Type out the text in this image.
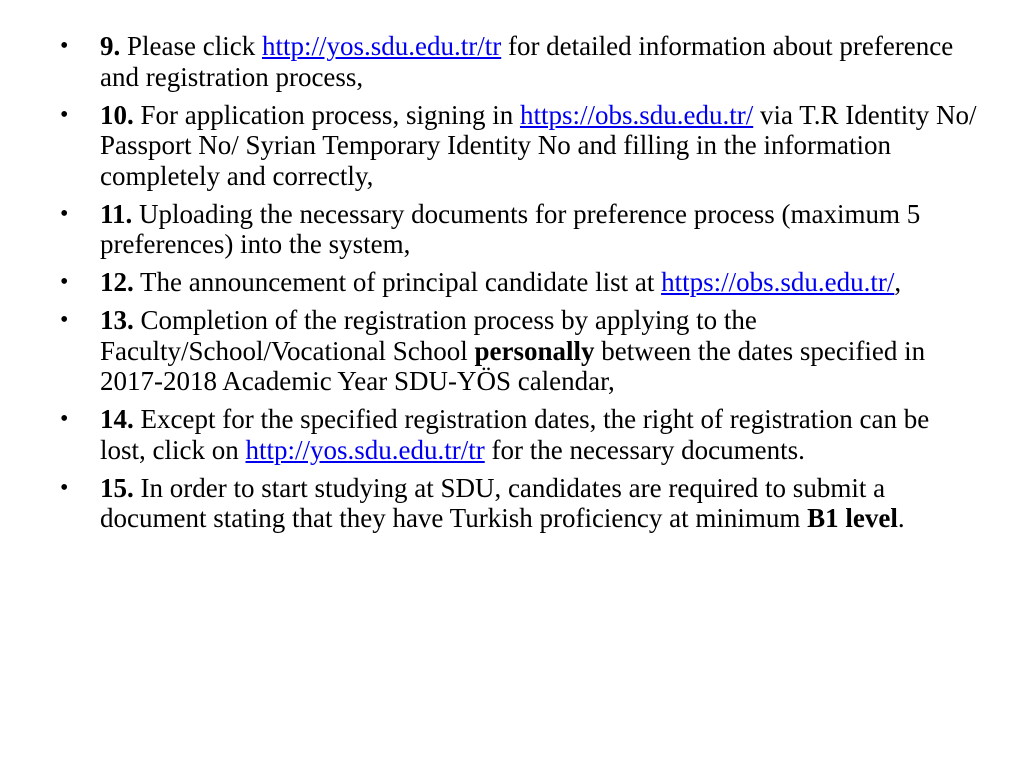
• 9. Please click http://yos.sdu.edu.tr/tr for detailed information about preference and registration process,
• 10. For application process, signing in https://obs.sdu.edu.tr/ via T.R Identity No/ Passport No/ Syrian Temporary Identity No and filling in the information completely and correctly,
• 11. Uploading the necessary documents for preference process (maximum 5 preferences) into the system,
• 12. The announcement of principal candidate list at https://obs.sdu.edu.tr/,
• 13. Completion of the registration process by applying to the Faculty/School/Vocational School personally between the dates specified in 2017-2018 Academic Year SDU-YÖS calendar,
• 14. Except for the specified registration dates, the right of registration can be lost, click on http://yos.sdu.edu.tr/tr for the necessary documents.
• 15. In order to start studying at SDU, candidates are required to submit a document stating that they have Turkish proficiency at minimum B1 level.
